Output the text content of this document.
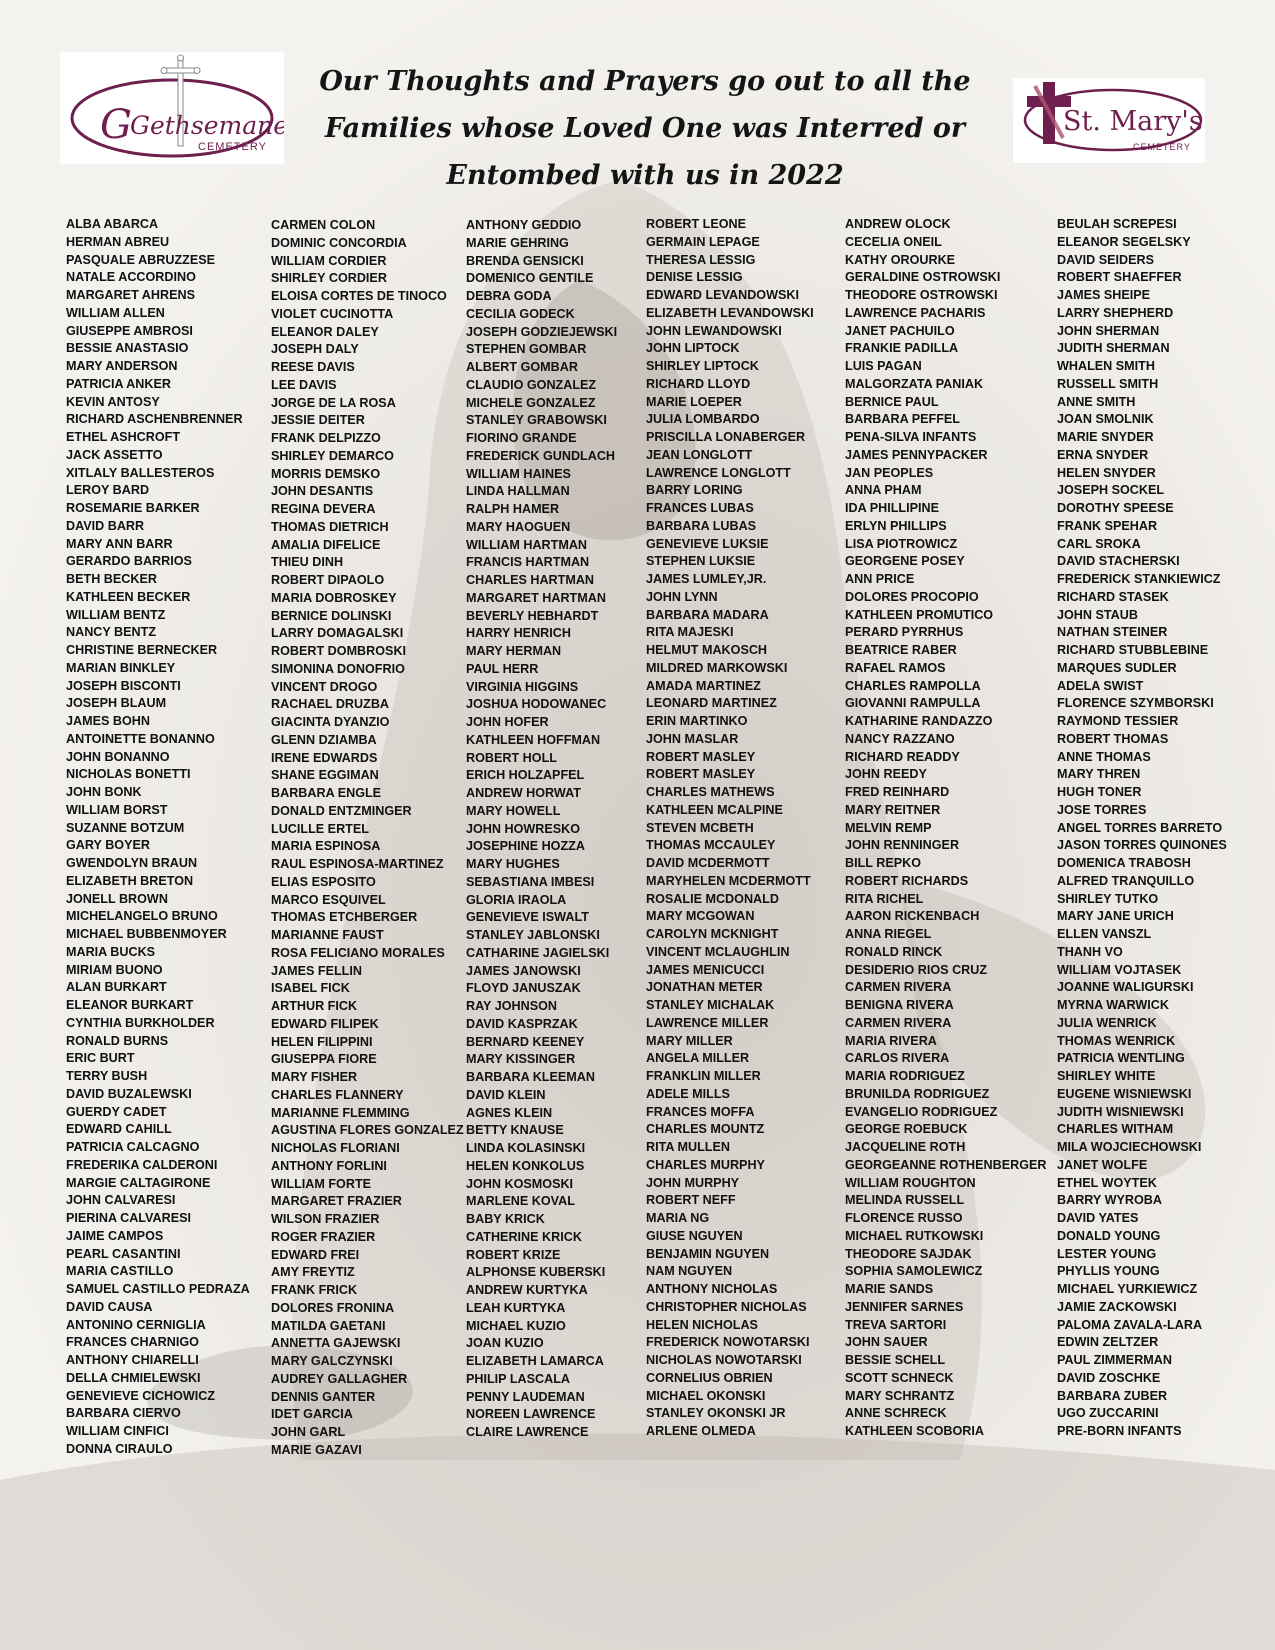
G
Gethsemane
CEMETERY
Our Thoughts and Prayers go out to all the
Families whose Loved One was Interred or
Entombed with us in 2022
St. Mary's
CEMETERY
ALBA ABARCA
HERMAN ABREU
PASQUALE ABRUZZESE
NATALE ACCORDINO
MARGARET AHRENS
WILLIAM ALLEN
GIUSEPPE AMBROSI
BESSIE ANASTASIO
MARY ANDERSON
PATRICIA ANKER
KEVIN ANTOSY
RICHARD ASCHENBRENNER
ETHEL ASHCROFT
JACK ASSETTO
XITLALY BALLESTEROS
LEROY BARD
ROSEMARIE BARKER
DAVID BARR
MARY ANN BARR
GERARDO BARRIOS
BETH BECKER
KATHLEEN BECKER
WILLIAM BENTZ
NANCY BENTZ
CHRISTINE BERNECKER
MARIAN BINKLEY
JOSEPH BISCONTI
JOSEPH BLAUM
JAMES BOHN
ANTOINETTE BONANNO
JOHN BONANNO
NICHOLAS BONETTI
JOHN BONK
WILLIAM BORST
SUZANNE BOTZUM
GARY BOYER
GWENDOLYN BRAUN
ELIZABETH BRETON
JONELL BROWN
MICHELANGELO BRUNO
MICHAEL BUBBENMOYER
MARIA BUCKS
MIRIAM BUONO
ALAN BURKART
ELEANOR BURKART
CYNTHIA BURKHOLDER
RONALD BURNS
ERIC BURT
TERRY BUSH
DAVID BUZALEWSKI
GUERDY CADET
EDWARD CAHILL
PATRICIA CALCAGNO
FREDERIKA CALDERONI
MARGIE CALTAGIRONE
JOHN CALVARESI
PIERINA CALVARESI
JAIME CAMPOS
PEARL CASANTINI
MARIA CASTILLO
SAMUEL CASTILLO PEDRAZA
DAVID CAUSA
ANTONINO CERNIGLIA
FRANCES CHARNIGO
ANTHONY CHIARELLI
DELLA CHMIELEWSKI
GENEVIEVE CICHOWICZ
BARBARA CIERVO
WILLIAM CINFICI
DONNA CIRAULO
CARMEN COLON
DOMINIC CONCORDIA
WILLIAM CORDIER
SHIRLEY CORDIER
ELOISA CORTES DE TINOCO
VIOLET CUCINOTTA
ELEANOR DALEY
JOSEPH DALY
REESE DAVIS
LEE DAVIS
JORGE DE LA ROSA
JESSIE DEITER
FRANK DELPIZZO
SHIRLEY DEMARCO
MORRIS DEMSKO
JOHN DESANTIS
REGINA DEVERA
THOMAS DIETRICH
AMALIA DIFELICE
THIEU DINH
ROBERT DIPAOLO
MARIA DOBROSKEY
BERNICE DOLINSKI
LARRY DOMAGALSKI
ROBERT DOMBROSKI
SIMONINA DONOFRIO
VINCENT DROGO
RACHAEL DRUZBA
GIACINTA DYANZIO
GLENN DZIAMBA
IRENE EDWARDS
SHANE EGGIMAN
BARBARA ENGLE
DONALD ENTZMINGER
LUCILLE ERTEL
MARIA ESPINOSA
RAUL ESPINOSA-MARTINEZ
ELIAS ESPOSITO
MARCO ESQUIVEL
THOMAS ETCHBERGER
MARIANNE FAUST
ROSA FELICIANO MORALES
JAMES FELLIN
ISABEL FICK
ARTHUR FICK
EDWARD FILIPEK
HELEN FILIPPINI
GIUSEPPA FIORE
MARY FISHER
CHARLES FLANNERY
MARIANNE FLEMMING
AGUSTINA FLORES GONZALEZ
NICHOLAS FLORIANI
ANTHONY FORLINI
WILLIAM FORTE
MARGARET FRAZIER
WILSON FRAZIER
ROGER FRAZIER
EDWARD FREI
AMY FREYTIZ
FRANK FRICK
DOLORES FRONINA
MATILDA GAETANI
ANNETTA GAJEWSKI
MARY GALCZYNSKI
AUDREY GALLAGHER
DENNIS GANTER
IDET GARCIA
JOHN GARL
MARIE GAZAVI
ANTHONY GEDDIO
MARIE GEHRING
BRENDA GENSICKI
DOMENICO GENTILE
DEBRA GODA
CECILIA GODECK
JOSEPH GODZIEJEWSKI
STEPHEN GOMBAR
ALBERT GOMBAR
CLAUDIO GONZALEZ
MICHELE GONZALEZ
STANLEY GRABOWSKI
FIORINO GRANDE
FREDERICK GUNDLACH
WILLIAM HAINES
LINDA HALLMAN
RALPH HAMER
MARY HAOGUEN
WILLIAM HARTMAN
FRANCIS HARTMAN
CHARLES HARTMAN
MARGARET HARTMAN
BEVERLY HEBHARDT
HARRY HENRICH
MARY HERMAN
PAUL HERR
VIRGINIA HIGGINS
JOSHUA HODOWANEC
JOHN HOFER
KATHLEEN HOFFMAN
ROBERT HOLL
ERICH HOLZAPFEL
ANDREW HORWAT
MARY HOWELL
JOHN HOWRESKO
JOSEPHINE HOZZA
MARY HUGHES
SEBASTIANA IMBESI
GLORIA IRAOLA
GENEVIEVE ISWALT
STANLEY JABLONSKI
CATHARINE JAGIELSKI
JAMES JANOWSKI
FLOYD JANUSZAK
RAY JOHNSON
DAVID KASPRZAK
BERNARD KEENEY
MARY KISSINGER
BARBARA KLEEMAN
DAVID KLEIN
AGNES KLEIN
BETTY KNAUSE
LINDA KOLASINSKI
HELEN KONKOLUS
JOHN KOSMOSKI
MARLENE KOVAL
BABY KRICK
CATHERINE KRICK
ROBERT KRIZE
ALPHONSE KUBERSKI
ANDREW KURTYKA
LEAH KURTYKA
MICHAEL KUZIO
JOAN KUZIO
ELIZABETH LAMARCA
PHILIP LASCALA
PENNY LAUDEMAN
NOREEN LAWRENCE
CLAIRE LAWRENCE
ROBERT LEONE
GERMAIN LEPAGE
THERESA LESSIG
DENISE LESSIG
EDWARD LEVANDOWSKI
ELIZABETH LEVANDOWSKI
JOHN LEWANDOWSKI
JOHN LIPTOCK
SHIRLEY LIPTOCK
RICHARD LLOYD
MARIE LOEPER
JULIA LOMBARDO
PRISCILLA LONABERGER
JEAN LONGLOTT
LAWRENCE LONGLOTT
BARRY LORING
FRANCES LUBAS
BARBARA LUBAS
GENEVIEVE LUKSIE
STEPHEN LUKSIE
JAMES LUMLEY,JR.
JOHN LYNN
BARBARA MADARA
RITA MAJESKI
HELMUT MAKOSCH
MILDRED MARKOWSKI
AMADA MARTINEZ
LEONARD MARTINEZ
ERIN MARTINKO
JOHN MASLAR
ROBERT MASLEY
ROBERT MASLEY
CHARLES MATHEWS
KATHLEEN MCALPINE
STEVEN MCBETH
THOMAS MCCAULEY
DAVID MCDERMOTT
MARYHELEN MCDERMOTT
ROSALIE MCDONALD
MARY MCGOWAN
CAROLYN MCKNIGHT
VINCENT MCLAUGHLIN
JAMES MENICUCCI
JONATHAN METER
STANLEY MICHALAK
LAWRENCE MILLER
MARY MILLER
ANGELA MILLER
FRANKLIN MILLER
ADELE MILLS
FRANCES MOFFA
CHARLES MOUNTZ
RITA MULLEN
CHARLES MURPHY
JOHN MURPHY
ROBERT NEFF
MARIA NG
GIUSE NGUYEN
BENJAMIN NGUYEN
NAM NGUYEN
ANTHONY NICHOLAS
CHRISTOPHER NICHOLAS
HELEN NICHOLAS
FREDERICK NOWOTARSKI
NICHOLAS NOWOTARSKI
CORNELIUS OBRIEN
MICHAEL OKONSKI
STANLEY OKONSKI JR
ARLENE OLMEDA
ANDREW OLOCK
CECELIA ONEIL
KATHY OROURKE
GERALDINE OSTROWSKI
THEODORE OSTROWSKI
LAWRENCE PACHARIS
JANET PACHUILO
FRANKIE PADILLA
LUIS PAGAN
MALGORZATA PANIAK
BERNICE PAUL
BARBARA PEFFEL
PENA-SILVA INFANTS
JAMES PENNYPACKER
JAN PEOPLES
ANNA PHAM
IDA PHILLIPINE
ERLYN PHILLIPS
LISA PIOTROWICZ
GEORGENE POSEY
ANN PRICE
DOLORES PROCOPIO
KATHLEEN PROMUTICO
PERARD PYRRHUS
BEATRICE RABER
RAFAEL RAMOS
CHARLES RAMPOLLA
GIOVANNI RAMPULLA
KATHARINE RANDAZZO
NANCY RAZZANO
RICHARD READDY
JOHN REEDY
FRED REINHARD
MARY REITNER
MELVIN REMP
JOHN RENNINGER
BILL REPKO
ROBERT RICHARDS
RITA RICHEL
AARON RICKENBACH
ANNA RIEGEL
RONALD RINCK
DESIDERIO RIOS CRUZ
CARMEN RIVERA
BENIGNA RIVERA
CARMEN RIVERA
MARIA RIVERA
CARLOS RIVERA
MARIA RODRIGUEZ
BRUNILDA RODRIGUEZ
EVANGELIO RODRIGUEZ
GEORGE ROEBUCK
JACQUELINE ROTH
GEORGEANNE ROTHENBERGER
WILLIAM ROUGHTON
MELINDA RUSSELL
FLORENCE RUSSO
MICHAEL RUTKOWSKI
THEODORE SAJDAK
SOPHIA SAMOLEWICZ
MARIE SANDS
JENNIFER SARNES
TREVA SARTORI
JOHN SAUER
BESSIE SCHELL
SCOTT SCHNECK
MARY SCHRANTZ
ANNE SCHRECK
KATHLEEN SCOBORIA
BEULAH SCREPESI
ELEANOR SEGELSKY
DAVID SEIDERS
ROBERT SHAEFFER
JAMES SHEIPE
LARRY SHEPHERD
JOHN SHERMAN
JUDITH SHERMAN
WHALEN SMITH
RUSSELL SMITH
ANNE SMITH
JOAN SMOLNIK
MARIE SNYDER
ERNA SNYDER
HELEN SNYDER
JOSEPH SOCKEL
DOROTHY SPEESE
FRANK SPEHAR
CARL SROKA
DAVID STACHERSKI
FREDERICK STANKIEWICZ
RICHARD STASEK
JOHN STAUB
NATHAN STEINER
RICHARD STUBBLEBINE
MARQUES SUDLER
ADELA SWIST
FLORENCE SZYMBORSKI
RAYMOND TESSIER
ROBERT THOMAS
ANNE THOMAS
MARY THREN
HUGH TONER
JOSE TORRES
ANGEL TORRES BARRETO
JASON TORRES QUINONES
DOMENICA TRABOSH
ALFRED TRANQUILLO
SHIRLEY TUTKO
MARY JANE URICH
ELLEN VANSZL
THANH VO
WILLIAM VOJTASEK
JOANNE WALIGURSKI
MYRNA WARWICK
JULIA WENRICK
THOMAS WENRICK
PATRICIA WENTLING
SHIRLEY WHITE
EUGENE WISNIEWSKI
JUDITH WISNIEWSKI
CHARLES WITHAM
MILA WOJCIECHOWSKI
JANET WOLFE
ETHEL WOYTEK
BARRY WYROBA
DAVID YATES
DONALD YOUNG
LESTER YOUNG
PHYLLIS YOUNG
MICHAEL YURKIEWICZ
JAMIE ZACKOWSKI
PALOMA ZAVALA-LARA
EDWIN ZELTZER
PAUL ZIMMERMAN
DAVID ZOSCHKE
BARBARA ZUBER
UGO ZUCCARINI
PRE-BORN INFANTS
